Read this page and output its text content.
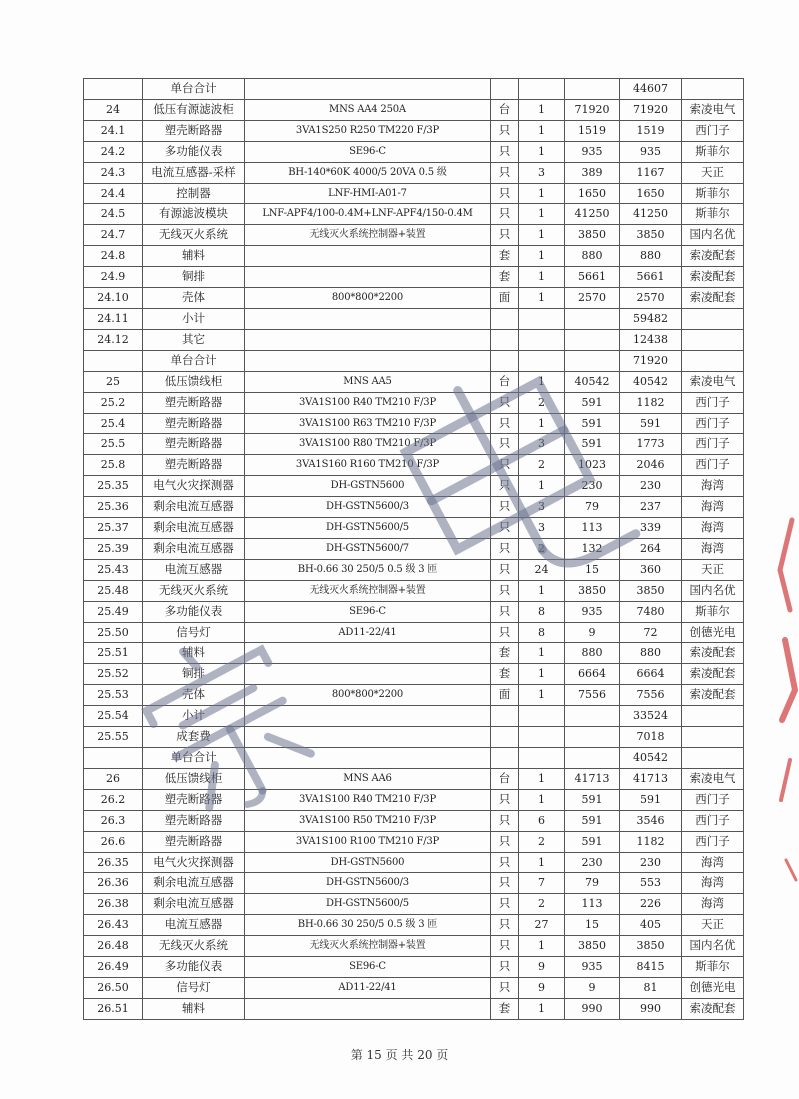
	单台合计					44607	
24	低压有源滤波柜	MNS AA4 250A	台	1	71920	71920	索凌电气
24.1	塑壳断路器	3VA1S250 R250 TM220 F/3P	只	1	1519	1519	西门子
24.2	多功能仪表	SE96-C	只	1	935	935	斯菲尔
24.3	电流互感器-采样	BH-140*60K 4000/5 20VA 0.5 级	只	3	389	1167	天正
24.4	控制器	LNF-HMI-A01-7	只	1	1650	1650	斯菲尔
24.5	有源滤波模块	LNF-APF4/100-0.4M+LNF-APF4/150-0.4M	只	1	41250	41250	斯菲尔
24.7	无线灭火系统	无线灭火系统控制器+装置	只	1	3850	3850	国内名优
24.8	辅料		套	1	880	880	索凌配套
24.9	铜排		套	1	5661	5661	索凌配套
24.10	壳体	800*800*2200	面	1	2570	2570	索凌配套
24.11	小计					59482	
24.12	其它					12438	
	单台合计					71920	
25	低压馈线柜	MNS AA5	台	1	40542	40542	索凌电气
25.2	塑壳断路器	3VA1S100 R40 TM210 F/3P	只	2	591	1182	西门子
25.4	塑壳断路器	3VA1S100 R63 TM210 F/3P	只	1	591	591	西门子
25.5	塑壳断路器	3VA1S100 R80 TM210 F/3P	只	3	591	1773	西门子
25.8	塑壳断路器	3VA1S160 R160 TM210 F/3P	只	2	1023	2046	西门子
25.35	电气火灾探测器	DH-GSTN5600	只	1	230	230	海湾
25.36	剩余电流互感器	DH-GSTN5600/3	只	3	79	237	海湾
25.37	剩余电流互感器	DH-GSTN5600/5	只	3	113	339	海湾
25.39	剩余电流互感器	DH-GSTN5600/7	只	2	132	264	海湾
25.43	电流互感器	BH-0.66 30 250/5 0.5 级 3 匝	只	24	15	360	天正
25.48	无线灭火系统	无线灭火系统控制器+装置	只	1	3850	3850	国内名优
25.49	多功能仪表	SE96-C	只	8	935	7480	斯菲尔
25.50	信号灯	AD11-22/41	只	8	9	72	创德光电
25.51	辅料		套	1	880	880	索凌配套
25.52	铜排		套	1	6664	6664	索凌配套
25.53	壳体	800*800*2200	面	1	7556	7556	索凌配套
25.54	小计					33524	
25.55	成套费					7018	
	单台合计					40542	
26	低压馈线柜	MNS AA6	台	1	41713	41713	索凌电气
26.2	塑壳断路器	3VA1S100 R40 TM210 F/3P	只	1	591	591	西门子
26.3	塑壳断路器	3VA1S100 R50 TM210 F/3P	只	6	591	3546	西门子
26.6	塑壳断路器	3VA1S100 R100 TM210 F/3P	只	2	591	1182	西门子
26.35	电气火灾探测器	DH-GSTN5600	只	1	230	230	海湾
26.36	剩余电流互感器	DH-GSTN5600/3	只	7	79	553	海湾
26.38	剩余电流互感器	DH-GSTN5600/5	只	2	113	226	海湾
26.43	电流互感器	BH-0.66 30 250/5 0.5 级 3 匝	只	27	15	405	天正
26.48	无线灭火系统	无线灭火系统控制器+装置	只	1	3850	3850	国内名优
26.49	多功能仪表	SE96-C	只	9	935	8415	斯菲尔
26.50	信号灯	AD11-22/41	只	9	9	81	创德光电
26.51	辅料		套	1	990	990	索凌配套
第 15 页 共 20 页
